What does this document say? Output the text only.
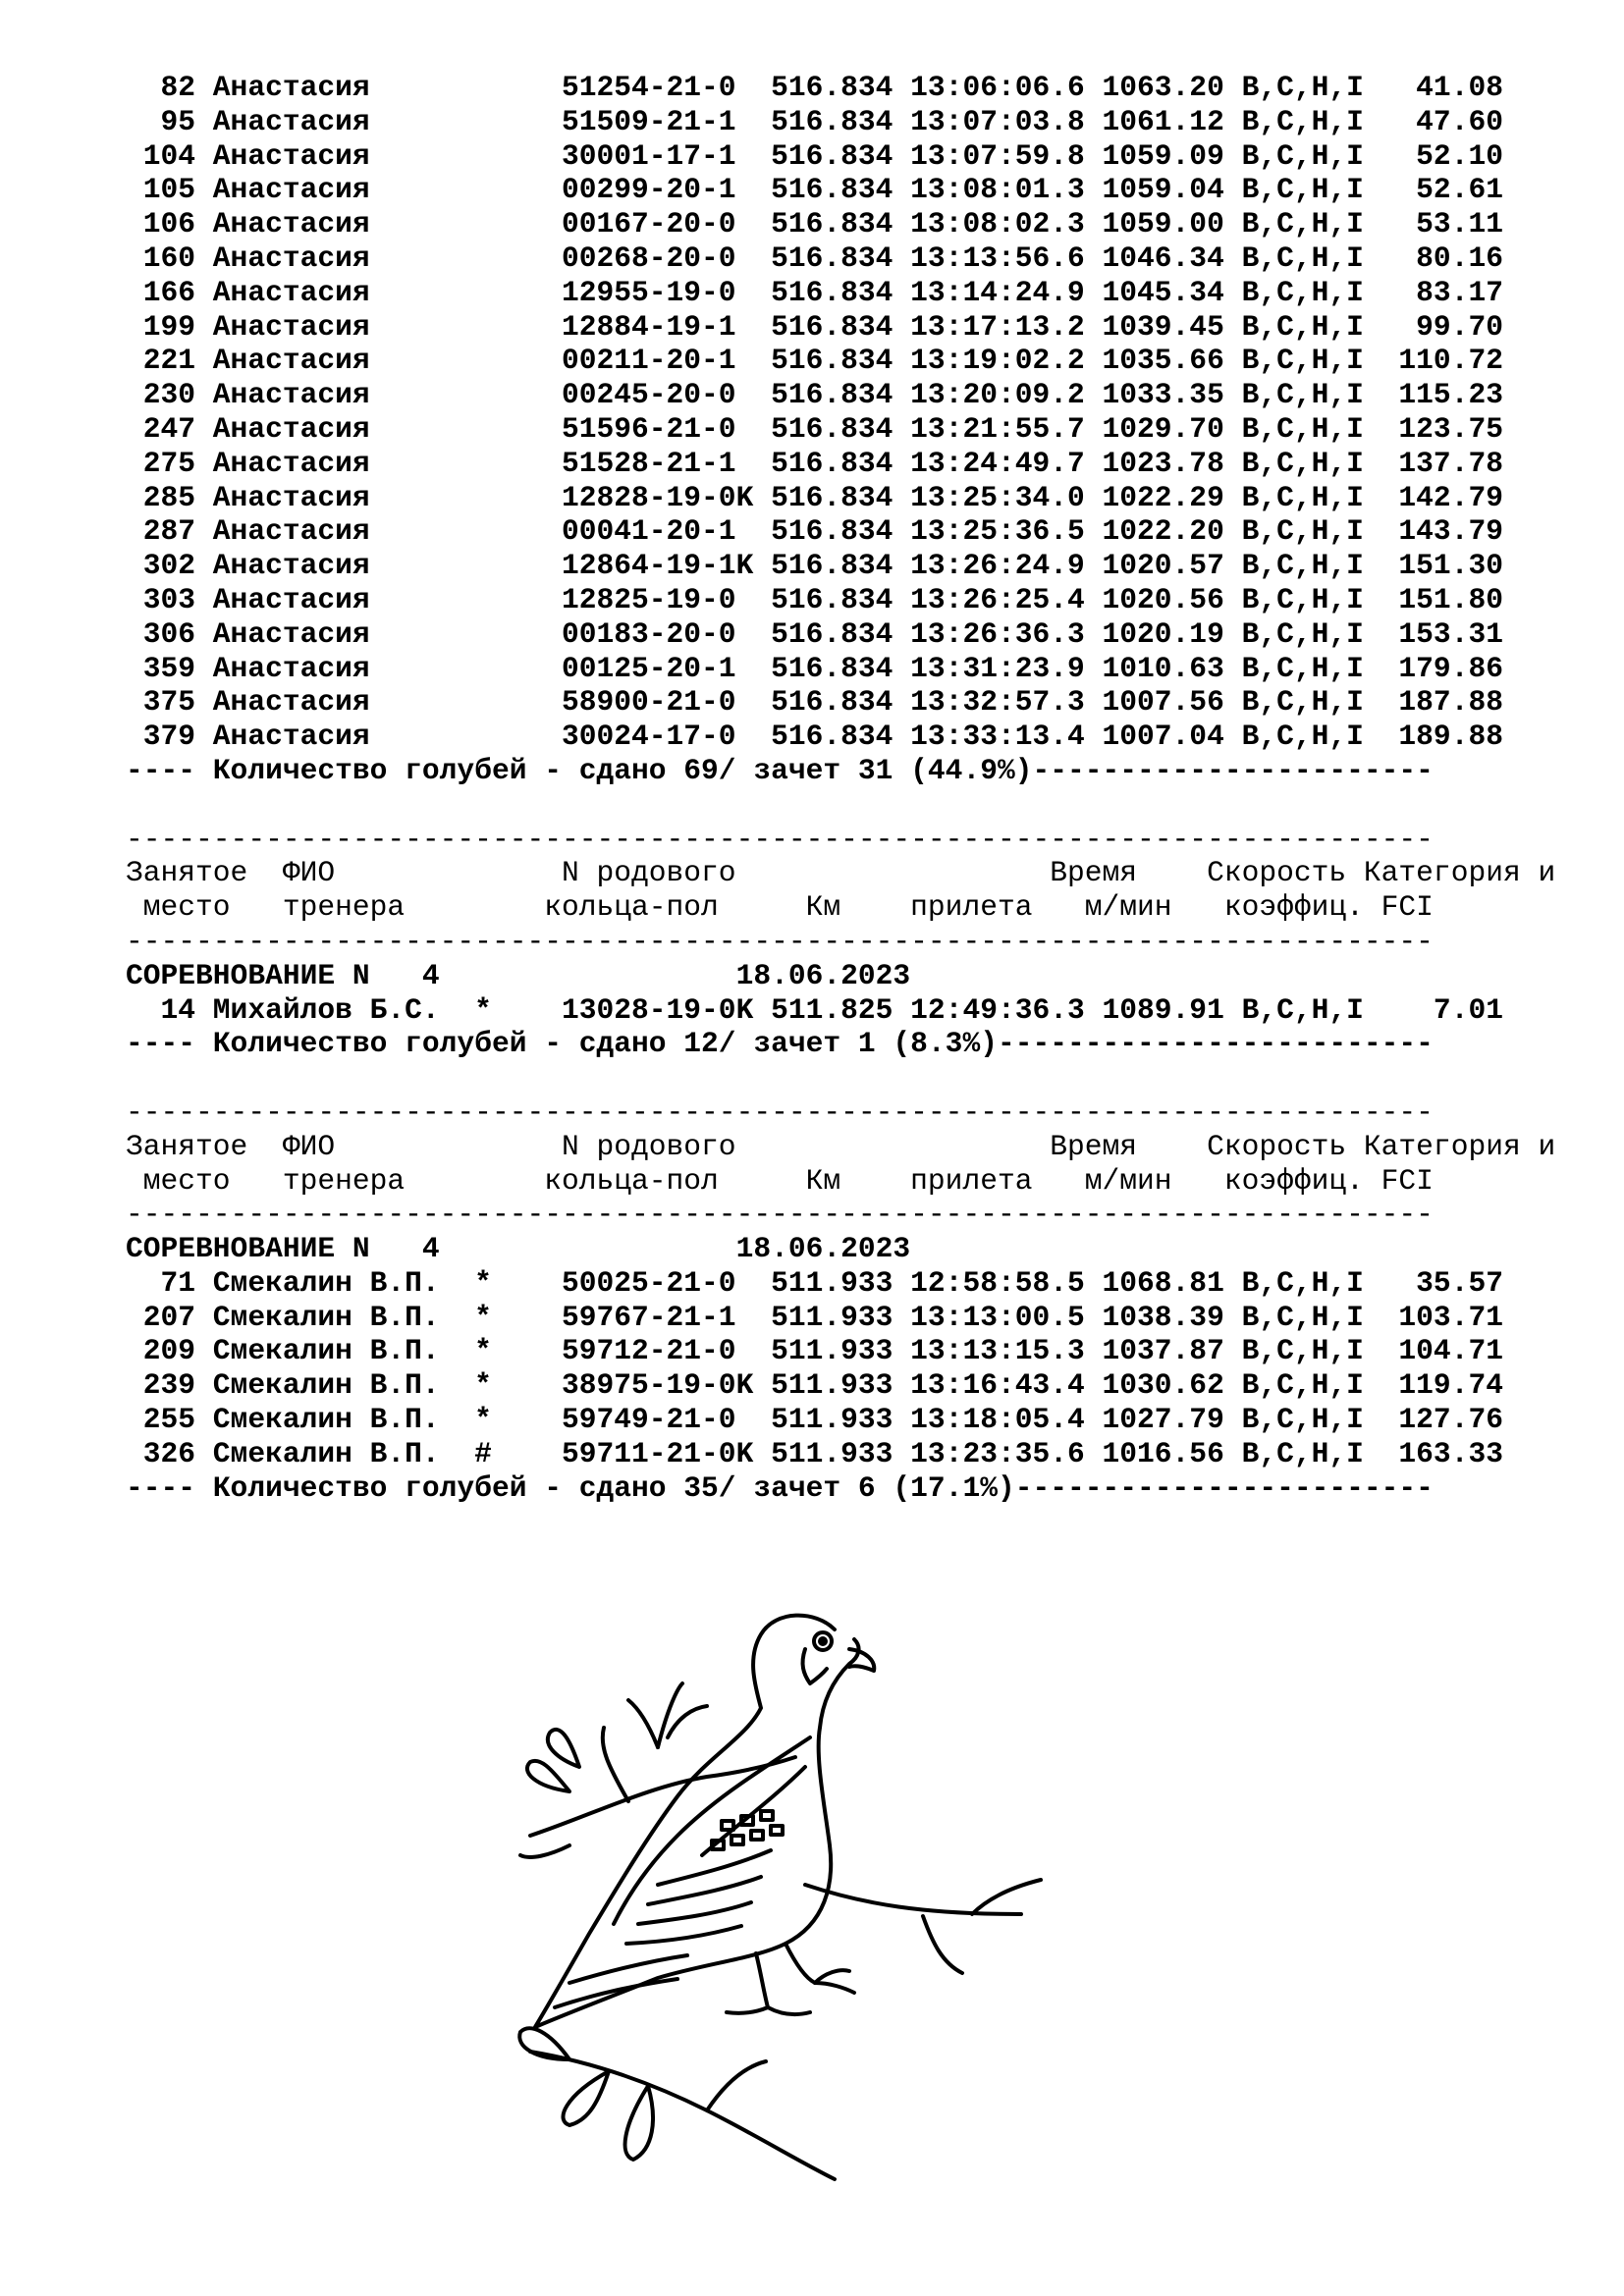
82 Анастасия           51254-21-0  516.834 13:06:06.6 1063.20 B,C,H,I   41.08
95 Анастасия           51509-21-1  516.834 13:07:03.8 1061.12 B,C,H,I   47.60
104 Анастасия           30001-17-1  516.834 13:07:59.8 1059.09 B,C,H,I   52.10
105 Анастасия           00299-20-1  516.834 13:08:01.3 1059.04 B,C,H,I   52.61
106 Анастасия           00167-20-0  516.834 13:08:02.3 1059.00 B,C,H,I   53.11
160 Анастасия           00268-20-0  516.834 13:13:56.6 1046.34 B,C,H,I   80.16
166 Анастасия           12955-19-0  516.834 13:14:24.9 1045.34 B,C,H,I   83.17
199 Анастасия           12884-19-1  516.834 13:17:13.2 1039.45 B,C,H,I   99.70
221 Анастасия           00211-20-1  516.834 13:19:02.2 1035.66 B,C,H,I  110.72
230 Анастасия           00245-20-0  516.834 13:20:09.2 1033.35 B,C,H,I  115.23
247 Анастасия           51596-21-0  516.834 13:21:55.7 1029.70 B,C,H,I  123.75
275 Анастасия           51528-21-1  516.834 13:24:49.7 1023.78 B,C,H,I  137.78
285 Анастасия           12828-19-0K 516.834 13:25:34.0 1022.29 B,C,H,I  142.79
287 Анастасия           00041-20-1  516.834 13:25:36.5 1022.20 B,C,H,I  143.79
302 Анастасия           12864-19-1K 516.834 13:26:24.9 1020.57 B,C,H,I  151.30
303 Анастасия           12825-19-0  516.834 13:26:25.4 1020.56 B,C,H,I  151.80
306 Анастасия           00183-20-0  516.834 13:26:36.3 1020.19 B,C,H,I  153.31
359 Анастасия           00125-20-1  516.834 13:31:23.9 1010.63 B,C,H,I  179.86
375 Анастасия           58900-21-0  516.834 13:32:57.3 1007.56 B,C,H,I  187.88
379 Анастасия           30024-17-0  516.834 13:33:13.4 1007.04 B,C,H,I  189.88
---- Количество голубей - сдано 69/ зачет 31 (44.9%)-----------------------
---------------------------------------------------------------------------
Занятое  ФИО             N родового                  Время    Скорость Категория и
место   тренера        кольца-пол     Км    прилета   м/мин   коэффиц. FCI
---------------------------------------------------------------------------
СОРЕВНОВАНИЕ N   4                 18.06.2023
14 Михайлов Б.С.  *    13028-19-0K 511.825 12:49:36.3 1089.91 B,C,H,I    7.01
---- Количество голубей - сдано 12/ зачет 1 (8.3%)-------------------------
---------------------------------------------------------------------------
Занятое  ФИО             N родового                  Время    Скорость Категория и
место   тренера        кольца-пол     Км    прилета   м/мин   коэффиц. FCI
---------------------------------------------------------------------------
СОРЕВНОВАНИЕ N   4                 18.06.2023
71 Смекалин В.П.  *    50025-21-0  511.933 12:58:58.5 1068.81 B,C,H,I   35.57
207 Смекалин В.П.  *    59767-21-1  511.933 13:13:00.5 1038.39 B,C,H,I  103.71
209 Смекалин В.П.  *    59712-21-0  511.933 13:13:15.3 1037.87 B,C,H,I  104.71
239 Смекалин В.П.  *    38975-19-0K 511.933 13:16:43.4 1030.62 B,C,H,I  119.74
255 Смекалин В.П.  *    59749-21-0  511.933 13:18:05.4 1027.79 B,C,H,I  127.76
326 Смекалин В.П.  #    59711-21-0K 511.933 13:23:35.6 1016.56 B,C,H,I  163.33
---- Количество голубей - сдано 35/ зачет 6 (17.1%)------------------------
